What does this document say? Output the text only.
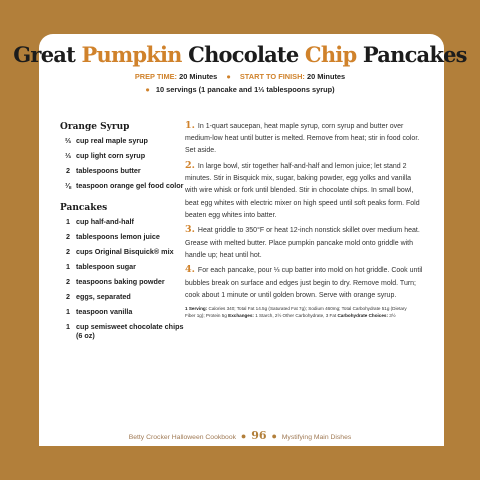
Great Pumpkin Chocolate Chip Pancakes
PREP TIME: 20 Minutes ● START TO FINISH: 20 Minutes
● 10 servings (1 pancake and 1⅓ tablespoons syrup)
Orange Syrup
⅔ cup real maple syrup
⅓ cup light corn syrup
2 tablespoons butter
⅛ teaspoon orange gel food color
Pancakes
1 cup half-and-half
2 tablespoons lemon juice
2 cups Original Bisquick® mix
1 tablespoon sugar
2 teaspoons baking powder
2 eggs, separated
1 teaspoon vanilla
1 cup semisweet chocolate chips (6 oz)
1. In 1-quart saucepan, heat maple syrup, corn syrup and butter over medium-low heat until butter is melted. Remove from heat; stir in food color. Set aside.
2. In large bowl, stir together half-and-half and lemon juice; let stand 2 minutes. Stir in Bisquick mix, sugar, baking powder, egg yolks and vanilla with wire whisk or fork until blended. Stir in chocolate chips. In small bowl, beat egg whites with electric mixer on high speed until soft peaks form. Fold beaten egg whites into batter.
3. Heat griddle to 350°F or heat 12-inch nonstick skillet over medium heat. Grease with melted butter. Place pumpkin pancake mold onto griddle with handle up; heat until hot.
4. For each pancake, pour ⅓ cup batter into mold on hot griddle. Cook until bubbles break on surface and edges just begin to dry. Remove mold. Turn; cook about 1 minute or until golden brown. Serve with orange syrup.
1 Serving: Calories 340; Total Fat 14.5g (Saturated Fat 7g); Sodium 460mg; Total Carbohydrate 51g (Dietary Fiber 1g); Protein 5g Exchanges: 1 Starch, 2½ Other Carbohydrate, 3 Fat Carbohydrate Choices: 3½
Betty Crocker Halloween Cookbook ● 96 ● Mystifying Main Dishes
